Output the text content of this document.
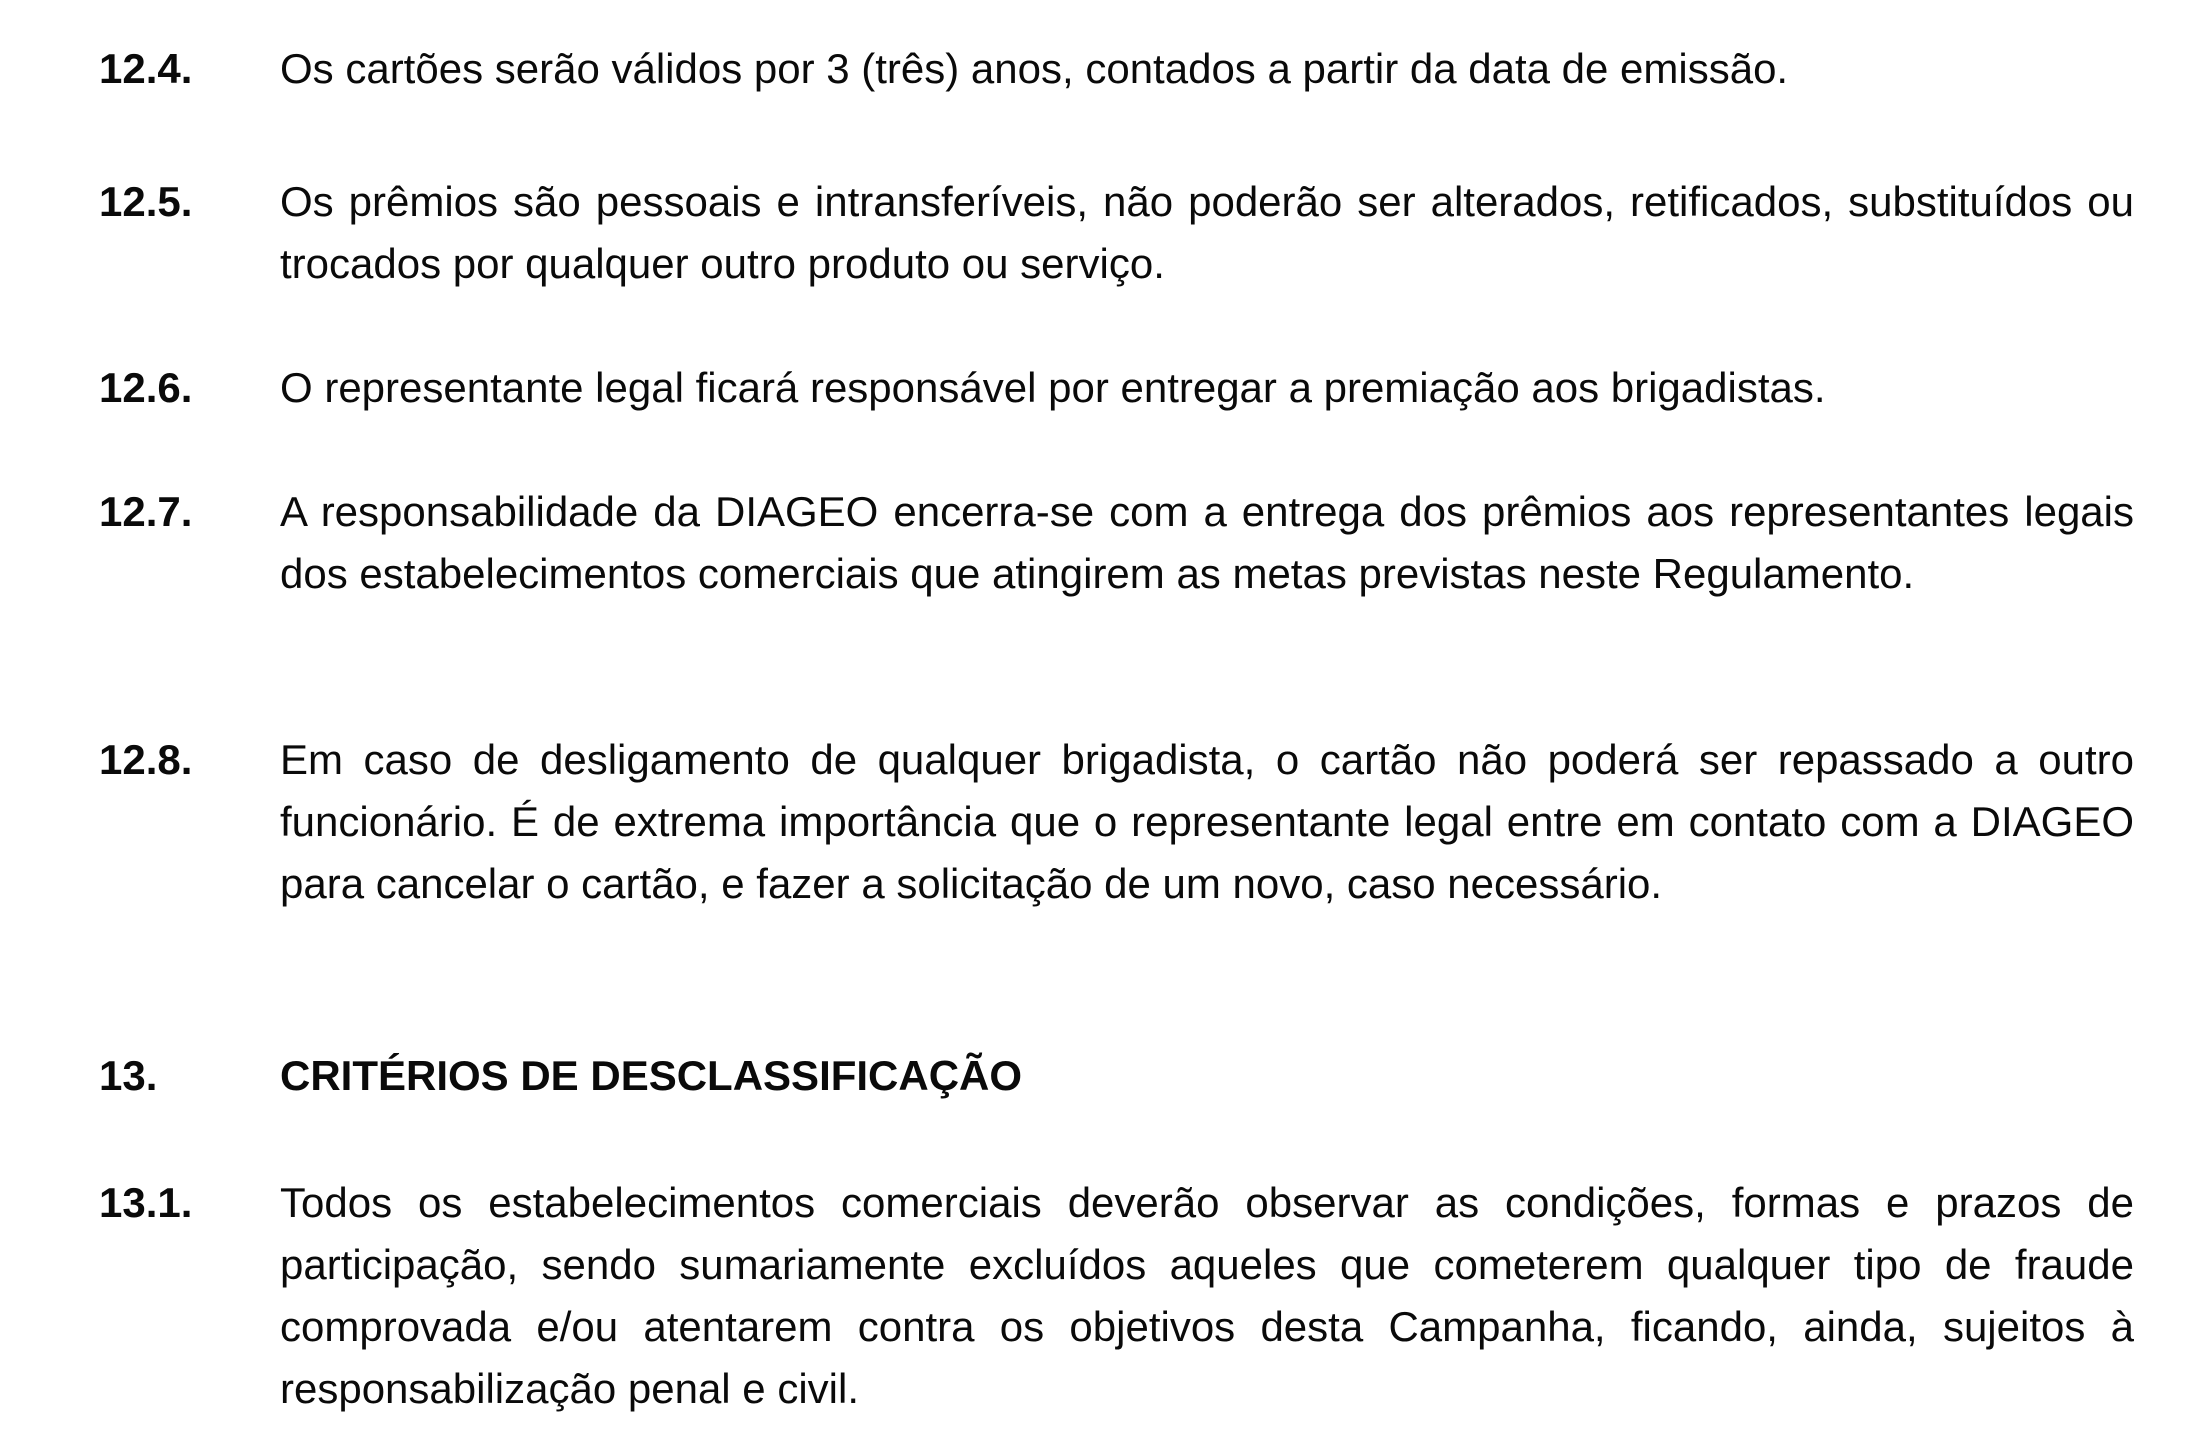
12.4.	Os cartões serão válidos por 3 (três) anos, contados a partir da data de emissão.
12.5.	Os prêmios são pessoais e intransferíveis, não poderão ser alterados, retificados, substituídos ou trocados por qualquer outro produto ou serviço.
12.6.	O representante legal ficará responsável por entregar a premiação aos brigadistas.
12.7.	A responsabilidade da DIAGEO encerra-se com a entrega dos prêmios aos representantes legais dos estabelecimentos comerciais que atingirem as metas previstas neste Regulamento.
12.8.	Em caso de desligamento de qualquer brigadista, o cartão não poderá ser repassado a outro funcionário. É de extrema importância que o representante legal entre em contato com a DIAGEO para cancelar o cartão, e fazer a solicitação de um novo, caso necessário.
13.	CRITÉRIOS DE DESCLASSIFICAÇÃO
13.1.	Todos os estabelecimentos comerciais deverão observar as condições, formas e prazos de participação, sendo sumariamente excluídos aqueles que cometerem qualquer tipo de fraude comprovada e/ou atentarem contra os objetivos desta Campanha, ficando, ainda, sujeitos à responsabilização penal e civil.
